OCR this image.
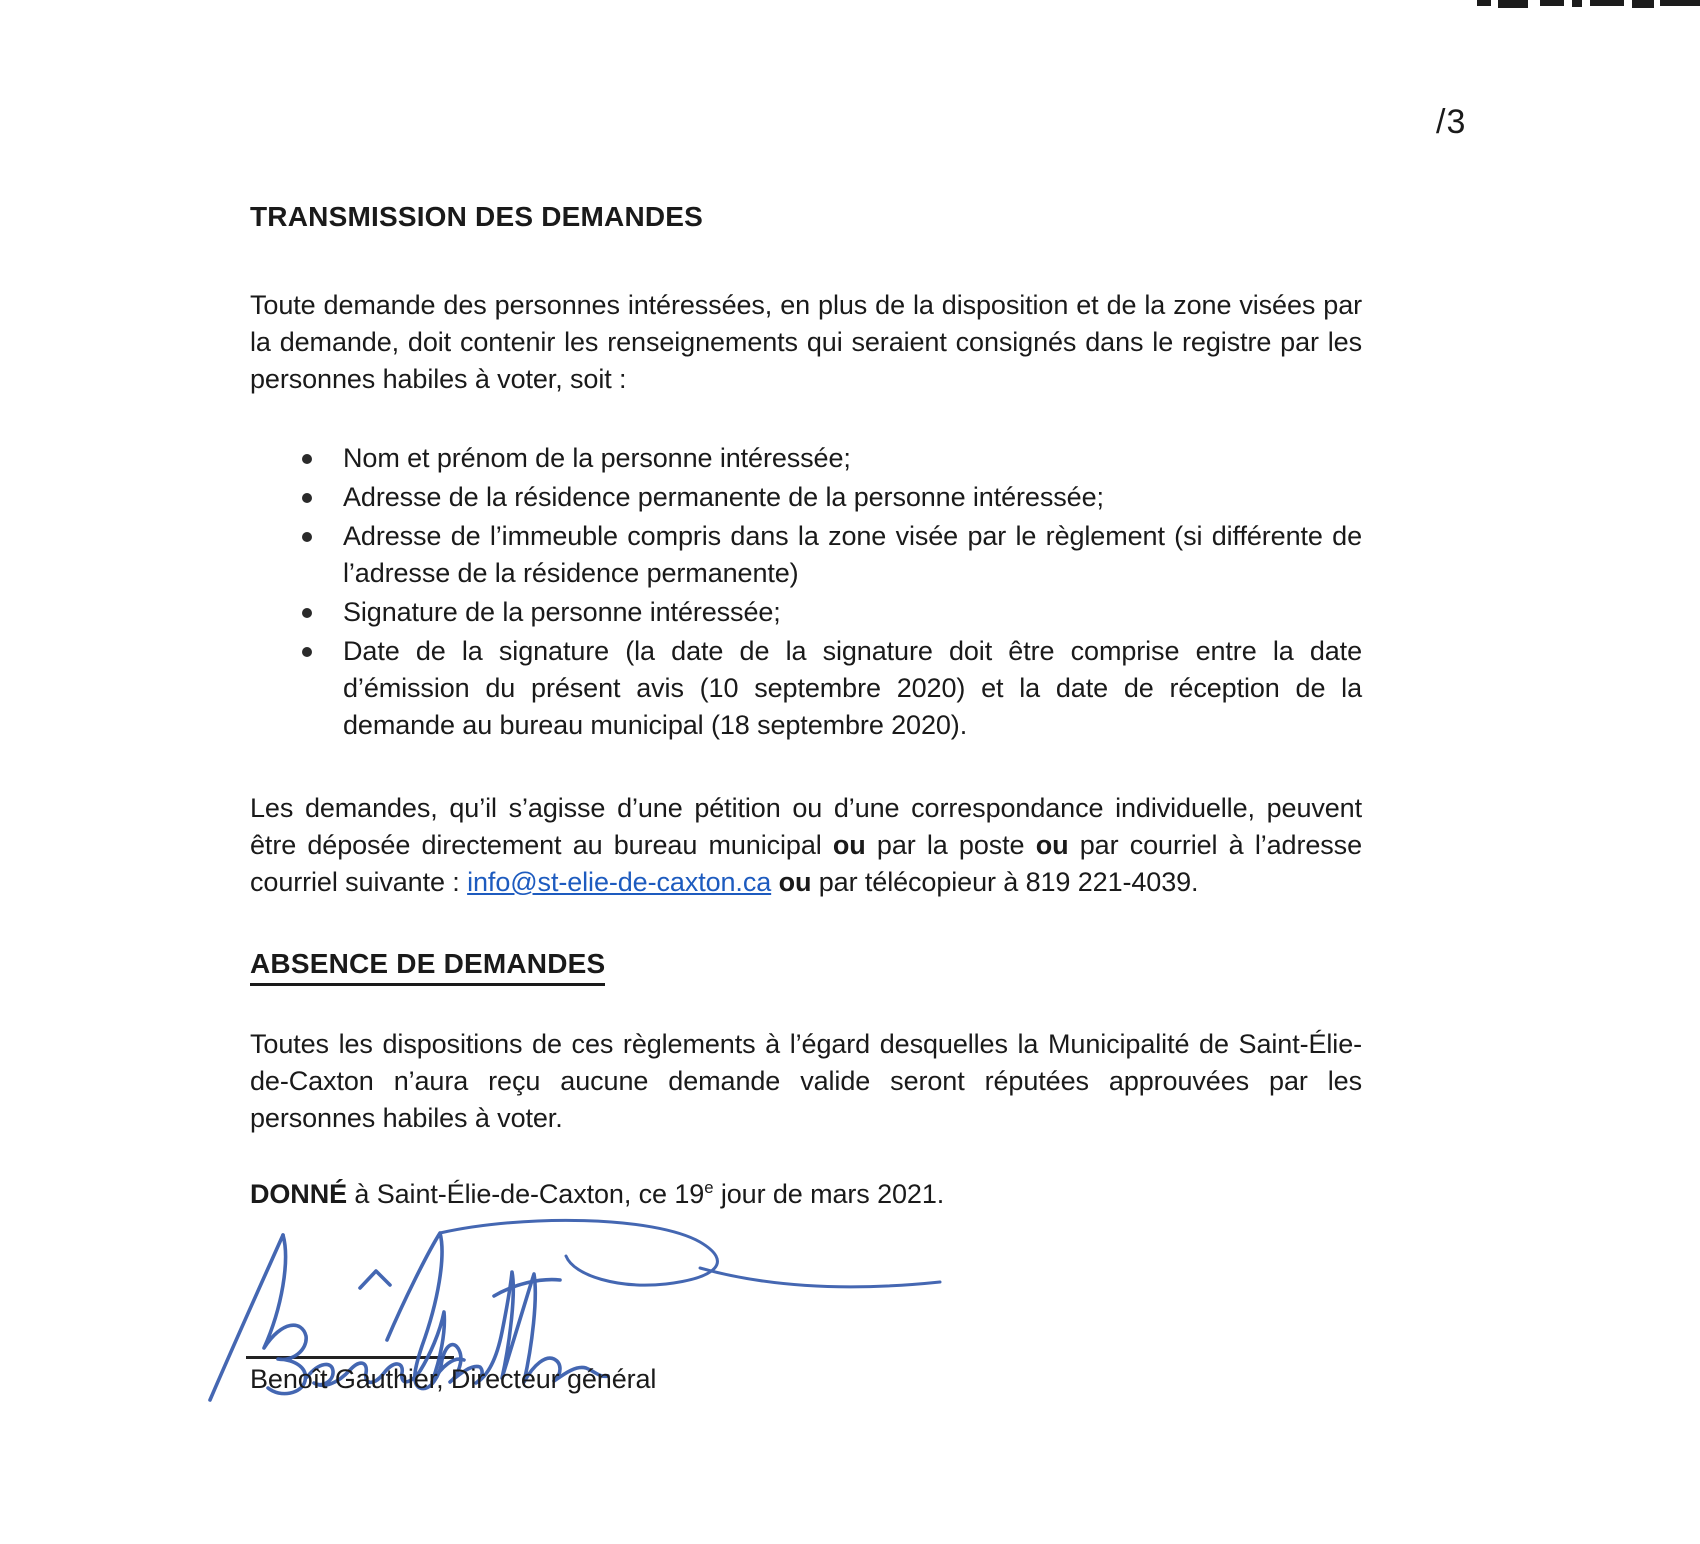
/3
TRANSMISSION DES DEMANDES

Toute demande des personnes intéressées, en plus de la disposition et de la zone visées par la demande, doit contenir les renseignements qui seraient consignés dans le registre par les personnes habiles à voter, soit :

Nom et prénom de la personne intéressée;
Adresse de la résidence permanente de la personne intéressée;
Adresse de l’immeuble compris dans la zone visée par le règlement (si différente de l’adresse de la résidence permanente)
Signature de la personne intéressée;
Date de la signature (la date de la signature doit être comprise entre la date d’émission du présent avis (10 septembre 2020) et la date de réception de la demande au bureau municipal (18 septembre 2020).

Les demandes, qu’il s’agisse d’une pétition ou d’une correspondance individuelle, peuvent être déposée directement au bureau municipal ou par la poste ou par courriel à l’adresse courriel suivante : info@st-elie-de-caxton.ca ou par télécopieur à 819 221-4039.

ABSENCE DE DEMANDES

Toutes les dispositions de ces règlements à l’égard desquelles la Municipalité de Saint-Élie-de-Caxton n’aura reçu aucune demande valide seront réputées approuvées par les personnes habiles à voter.

DONNÉ à Saint-Élie-de-Caxton, ce 19e jour de mars 2021.

Benoît Gauthier, Directeur général
